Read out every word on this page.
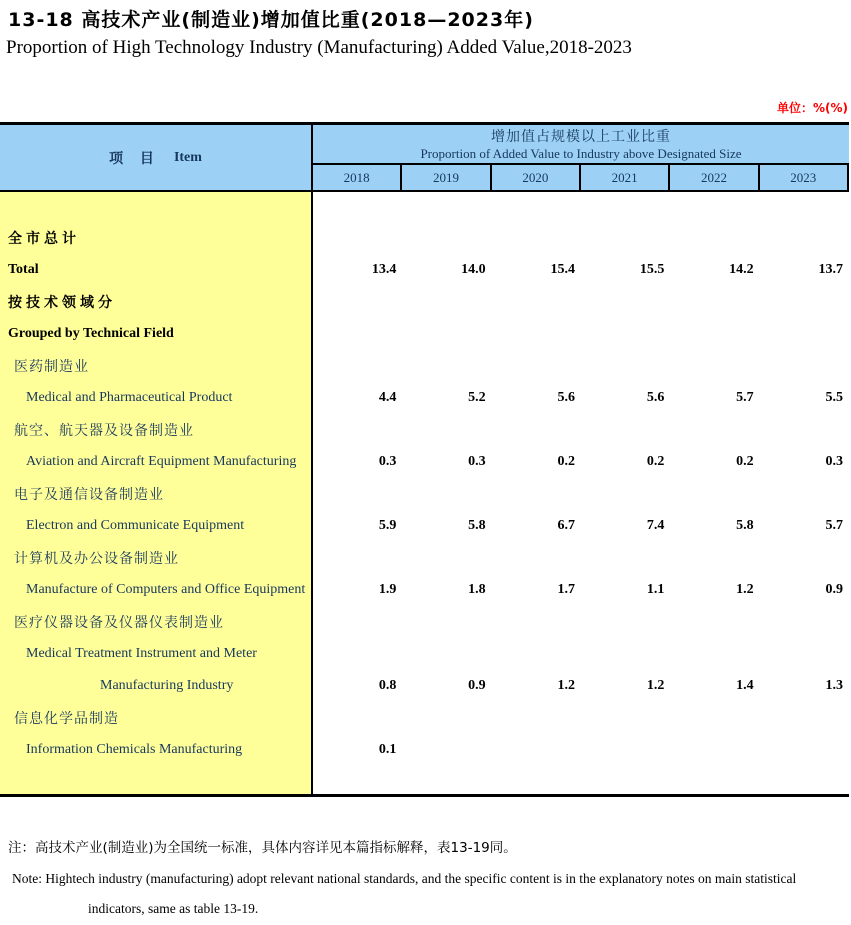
13-18 高技术产业(制造业)增加值比重(2018—2023年)
Proportion of High Technology Industry (Manufacturing) Added Value,2018-2023
单位：%(%)
项 目 Item
增加值占规模以上工业比重
Proportion of Added Value to Industry above Designated Size
2018	2019	2020	2021	2022	2023
全市总计
Total	13.4	14.0	15.4	15.5	14.2	13.7
按技术领域分
Grouped by Technical Field
医药制造业
Medical and Pharmaceutical Product	4.4	5.2	5.6	5.6	5.7	5.5
航空、航天器及设备制造业
Aviation and Aircraft Equipment Manufacturing	0.3	0.3	0.2	0.2	0.2	0.3
电子及通信设备制造业
Electron and Communicate Equipment	5.9	5.8	6.7	7.4	5.8	5.7
计算机及办公设备制造业
Manufacture of Computers and Office Equipment	1.9	1.8	1.7	1.1	1.2	0.9
医疗仪器设备及仪器仪表制造业
Medical Treatment Instrument and Meter
Manufacturing Industry	0.8	0.9	1.2	1.2	1.4	1.3
信息化学品制造
Information Chemicals Manufacturing	0.1
注：高技术产业(制造业)为全国统一标准，具体内容详见本篇指标解释，表13-19同。
Note: Hightech industry (manufacturing) adopt relevant national standards, and the specific content is in the explanatory notes on main statistical
indicators, same as table 13-19.
